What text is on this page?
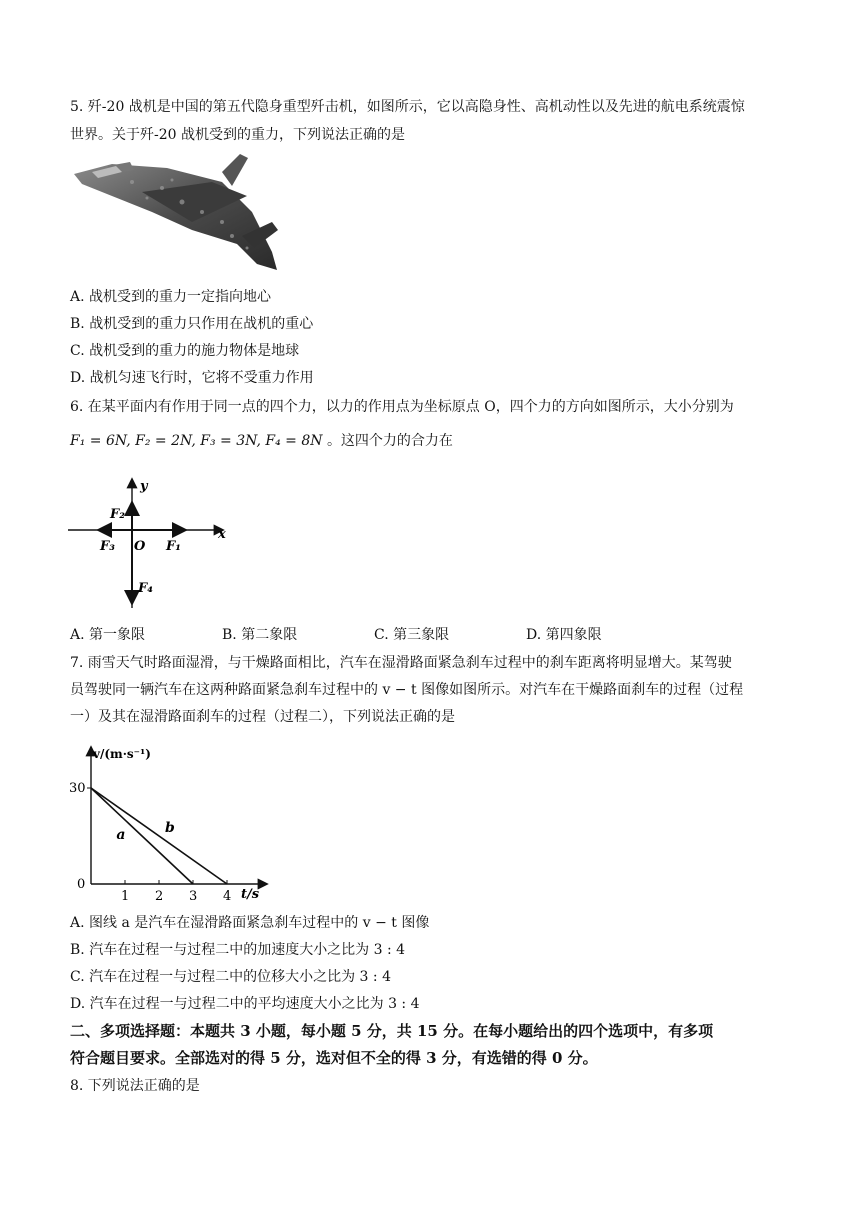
5. 歼-20 战机是中国的第五代隐身重型歼击机，如图所示，它以高隐身性、高机动性以及先进的航电系统震惊
世界。关于歼-20 战机受到的重力，下列说法正确的是
A. 战机受到的重力一定指向地心
B. 战机受到的重力只作用在战机的重心
C. 战机受到的重力的施力物体是地球
D. 战机匀速飞行时，它将不受重力作用
6. 在某平面内有作用于同一点的四个力，以力的作用点为坐标原点 O，四个力的方向如图所示，大小分别为
F₁ = 6N, F₂ = 2N, F₃ = 3N, F₄ = 8N 。这四个力的合力在
y
x
F₂
F₃ O F₁
F₄
A. 第一象限	B. 第二象限	C. 第三象限	D. 第四象限
7. 雨雪天气时路面湿滑，与干燥路面相比，汽车在湿滑路面紧急刹车过程中的刹车距离将明显增大。某驾驶
员驾驶同一辆汽车在这两种路面紧急刹车过程中的 v − t 图像如图所示。对汽车在干燥路面刹车的过程（过程
一）及其在湿滑路面刹车的过程（过程二），下列说法正确的是
v/(m·s⁻¹)
t/s
0
30
1 2 3 4
a	b
A. 图线 a 是汽车在湿滑路面紧急刹车过程中的 v − t 图像
B. 汽车在过程一与过程二中的加速度大小之比为 3 : 4
C. 汽车在过程一与过程二中的位移大小之比为 3 : 4
D. 汽车在过程一与过程二中的平均速度大小之比为 3 : 4
二、多项选择题：本题共 3 小题，每小题 5 分，共 15 分。在每小题给出的四个选项中，有多项
符合题目要求。全部选对的得 5 分，选对但不全的得 3 分，有选错的得 0 分。
8. 下列说法正确的是
